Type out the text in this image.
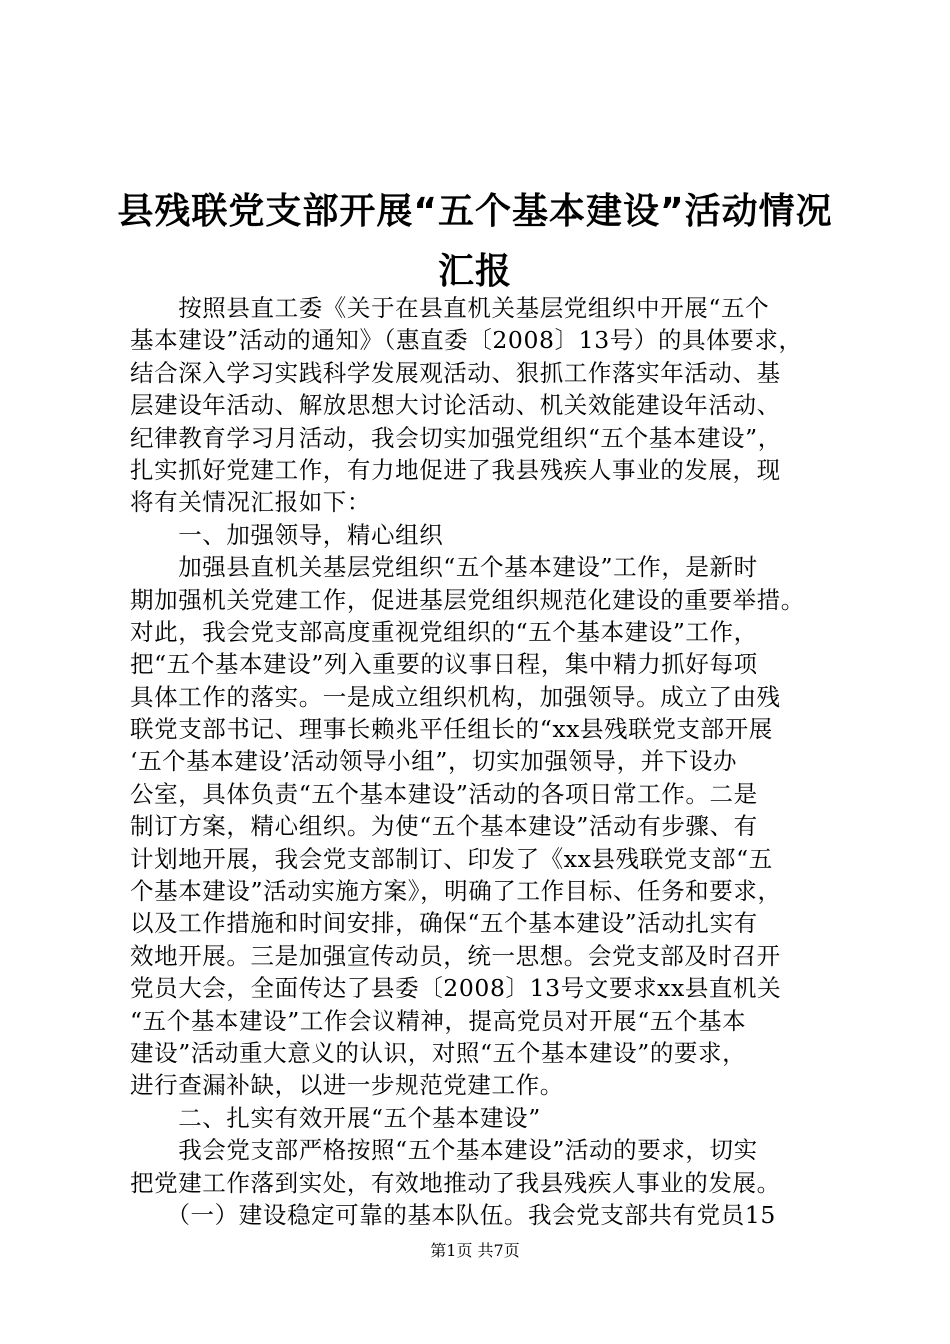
县残联党支部开展“五个基本建设”活动情况
汇报
　　按照县直工委《关于在县直机关基层党组织中开展“五个
基本建设”活动的通知》（惠直委〔2008〕13号）的具体要求，
结合深入学习实践科学发展观活动、狠抓工作落实年活动、基
层建设年活动、解放思想大讨论活动、机关效能建设年活动、
纪律教育学习月活动，我会切实加强党组织“五个基本建设”，
扎实抓好党建工作，有力地促进了我县残疾人事业的发展，现
将有关情况汇报如下：
　　一、加强领导，精心组织
　　加强县直机关基层党组织“五个基本建设”工作，是新时
期加强机关党建工作，促进基层党组织规范化建设的重要举措。
对此，我会党支部高度重视党组织的“五个基本建设”工作，
把“五个基本建设”列入重要的议事日程，集中精力抓好每项
具体工作的落实。一是成立组织机构，加强领导。成立了由残
联党支部书记、理事长赖兆平任组长的“xx县残联党支部开展
‘五个基本建设’活动领导小组”，切实加强领导，并下设办
公室，具体负责“五个基本建设”活动的各项日常工作。二是
制订方案，精心组织。为使“五个基本建设”活动有步骤、有
计划地开展，我会党支部制订、印发了《xx县残联党支部“五
个基本建设”活动实施方案》，明确了工作目标、任务和要求，
以及工作措施和时间安排，确保“五个基本建设”活动扎实有
效地开展。三是加强宣传动员，统一思想。会党支部及时召开
党员大会，全面传达了县委〔2008〕13号文要求xx县直机关
“五个基本建设”工作会议精神，提高党员对开展“五个基本
建设”活动重大意义的认识，对照“五个基本建设”的要求，
进行查漏补缺，以进一步规范党建工作。
　　二、扎实有效开展“五个基本建设”
　　我会党支部严格按照“五个基本建设”活动的要求，切实
把党建工作落到实处，有效地推动了我县残疾人事业的发展。
　　（一）建设稳定可靠的基本队伍。我会党支部共有党员15
第1页 共7页
